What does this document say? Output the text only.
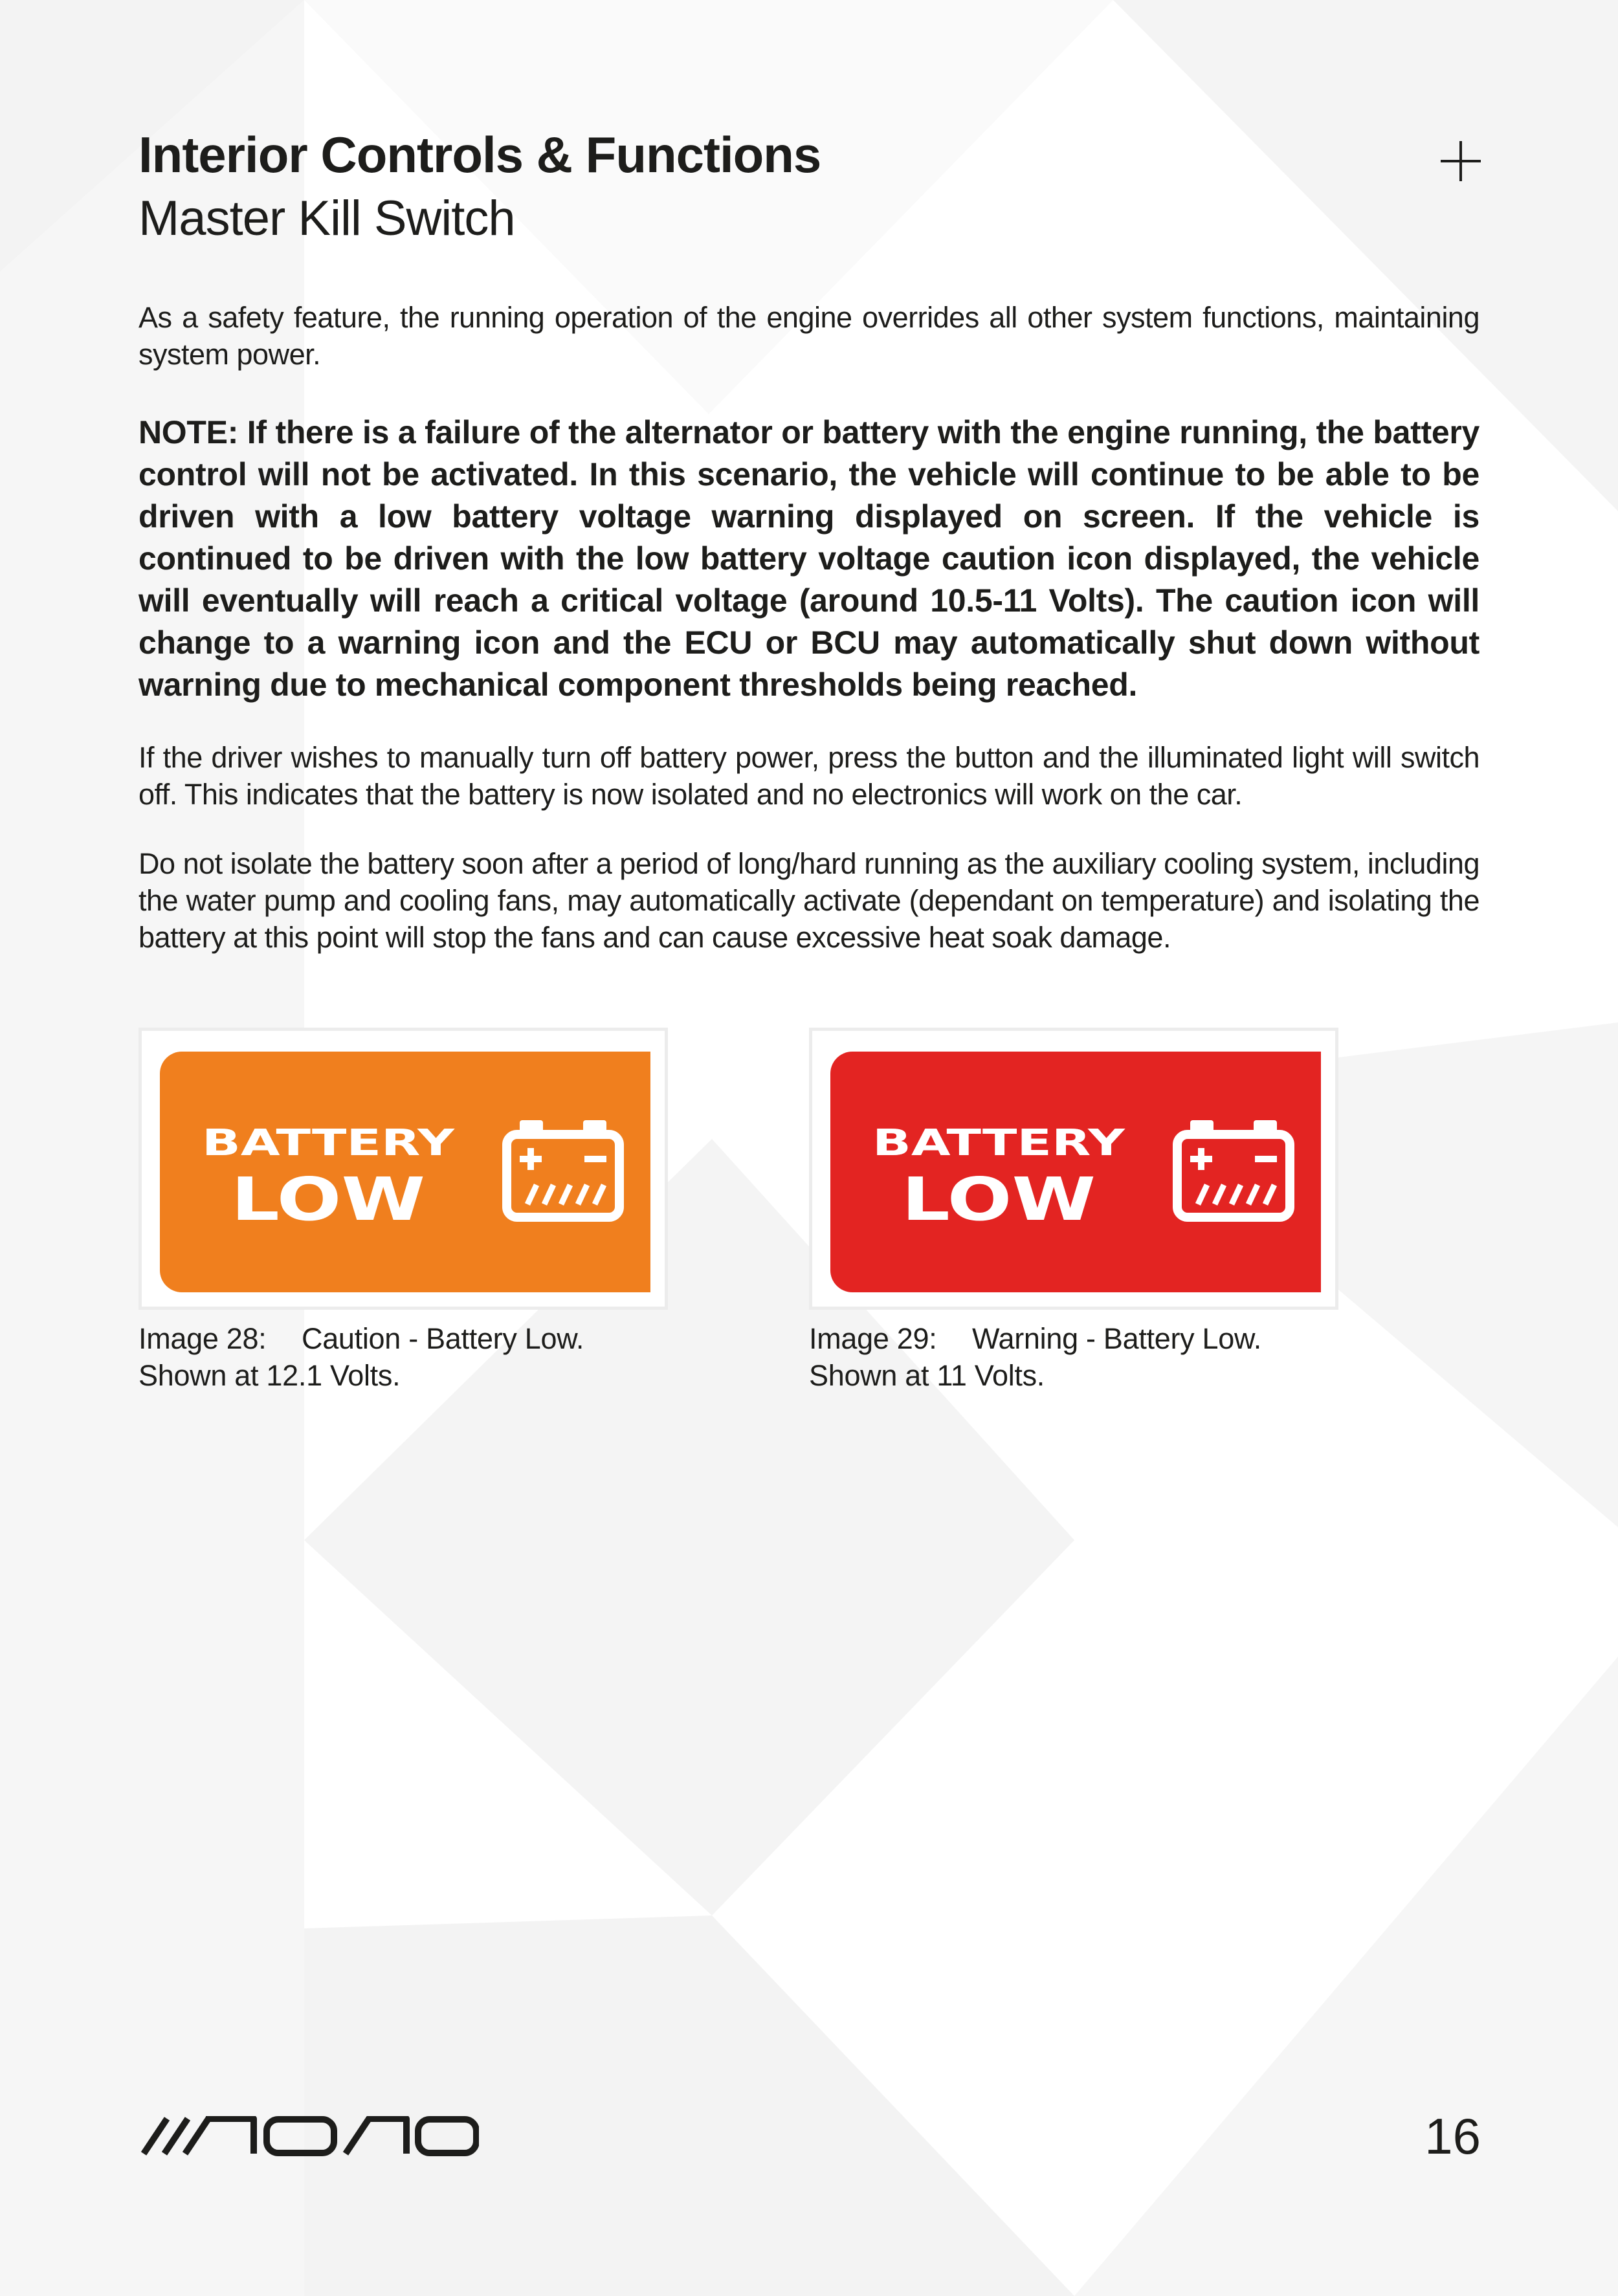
Interior Controls & Functions
Master Kill Switch

As a safety feature, the running operation of the engine overrides all other system functions, maintaining system power.

NOTE: If there is a failure of the alternator or battery with the engine running, the battery control will not be activated. In this scenario, the vehicle will continue to be able to be driven with a low battery voltage warning displayed on screen. If the vehicle is continued to be driven with the low battery voltage caution icon displayed, the vehicle will eventually will reach a critical voltage (around 10.5-11 Volts). The caution icon will change to a warning icon and the ECU or BCU may automatically shut down without warning due to mechanical component thresholds being reached.

If the driver wishes to manually turn off battery power, press the button and the illuminated light will switch off. This indicates that the battery is now isolated and no electronics will work on the car.

Do not isolate the battery soon after a period of long/hard running as the auxiliary cooling system, including the water pump and cooling fans, may automatically activate (dependant on temperature) and isolating the battery at this point will stop the fans and can cause excessive heat soak damage.

BATTERY
LOW
BATTERY
LOW
Image 28: Caution - Battery Low.
Shown at 12.1 Volts.
Image 29: Warning - Battery Low.
Shown at 11 Volts.
16
